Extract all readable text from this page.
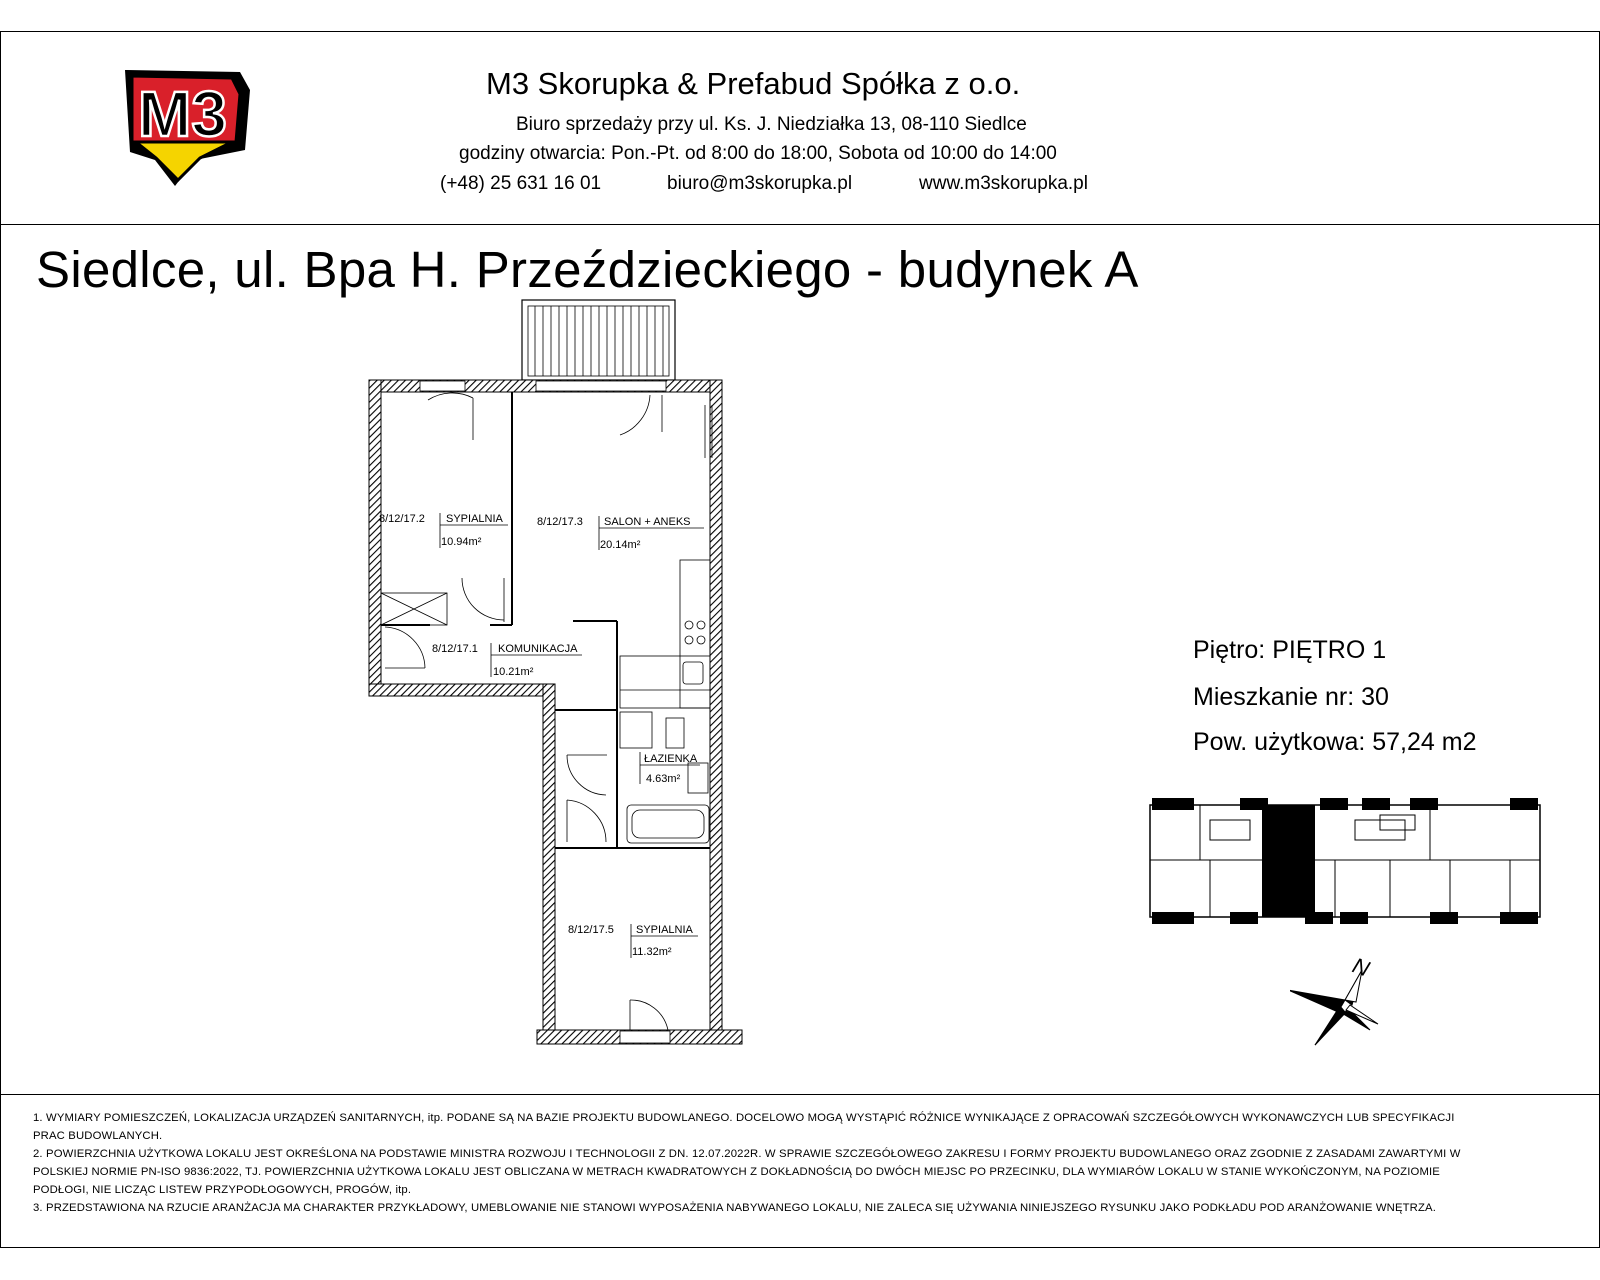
M3	M3 Skorupka & Prefabud Spółka z o.o.
Biuro sprzedaży przy ul. Ks. J. Niedziałka 13, 08-110 Siedlce
godziny otwarcia: Pon.-Pt. od 8:00 do 18:00, Sobota od 10:00 do 14:00
(+48) 25 631 16 01	biuro@m3skorupka.pl	www.m3skorupka.pl
Siedlce, ul. Bpa H. Przeździeckiego - budynek A
8/12/17.2 SYPIALNIA
10.94m²
8/12/17.3 SALON + ANEKS
20.14m²
8/12/17.1 KOMUNIKACJA
10.21m²
ŁAZIENKA
4.63m²
8/12/17.5 SYPIALNIA
11.32m²
Piętro: PIĘTRO 1
Mieszkanie nr: 30
Pow. użytkowa: 57,24 m2
N
1. WYMIARY POMIESZCZEŃ, LOKALIZACJA URZĄDZEŃ SANITARNYCH, itp. PODANE SĄ NA BAZIE PROJEKTU BUDOWLANEGO. DOCELOWO MOGĄ WYSTĄPIĆ RÓŻNICE WYNIKAJĄCE Z OPRACOWAŃ SZCZEGÓŁOWYCH WYKONAWCZYCH LUB SPECYFIKACJI PRAC BUDOWLANYCH.
2. POWIERZCHNIA UŻYTKOWA LOKALU JEST OKREŚLONA NA PODSTAWIE MINISTRA ROZWOJU I TECHNOLOGII Z DN. 12.07.2022R. W SPRAWIE SZCZEGÓŁOWEGO ZAKRESU I FORMY PROJEKTU BUDOWLANEGO ORAZ ZGODNIE Z ZASADAMI ZAWARTYMI W POLSKIEJ NORMIE PN-ISO 9836:2022, TJ. POWIERZCHNIA UŻYTKOWA LOKALU JEST OBLICZANA W METRACH KWADRATOWYCH Z DOKŁADNOŚCIĄ DO DWÓCH MIEJSC PO PRZECINKU, DLA WYMIARÓW LOKALU W STANIE WYKOŃCZONYM, NA POZIOMIE PODŁOGI, NIE LICZĄC LISTEW PRZYPODŁOGOWYCH, PROGÓW, itp.
3. PRZEDSTAWIONA NA RZUCIE ARANŻACJA MA CHARAKTER PRZYKŁADOWY, UMEBLOWANIE NIE STANOWI WYPOSAŻENIA NABYWANEGO LOKALU, NIE ZALECA SIĘ UŻYWANIA NINIEJSZEGO RYSUNKU JAKO PODKŁADU POD ARANŻOWANIE WNĘTRZA.
